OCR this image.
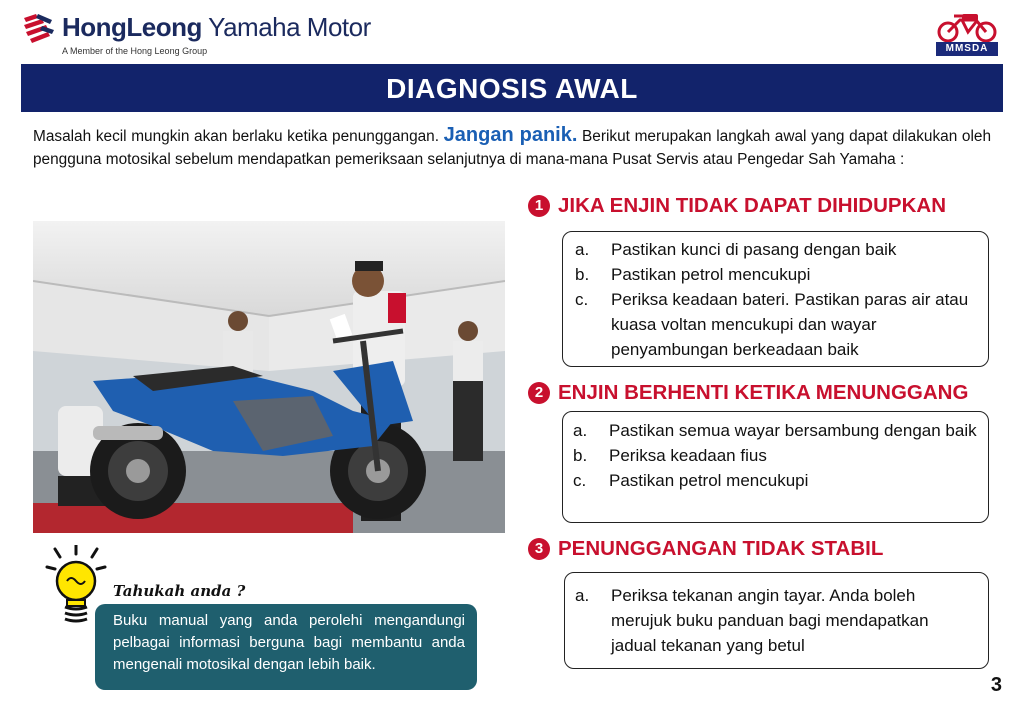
HongLeong Yamaha Motor
A Member of the Hong Leong Group	MMSDA
DIAGNOSIS AWAL
Masalah kecil mungkin akan berlaku ketika penunggangan. Jangan panik. Berikut merupakan langkah awal yang dapat dilakukan oleh pengguna motosikal sebelum mendapatkan pemeriksaan selanjutnya di mana-mana Pusat Servis atau Pengedar Sah Yamaha :
1 JIKA ENJIN TIDAK DAPAT DIHIDUPKAN
a.	Pastikan kunci di pasang dengan baik
b.	Pastikan petrol mencukupi
c.	Periksa keadaan bateri. Pastikan paras air atau kuasa voltan mencukupi dan wayar penyambungan berkeadaan baik
2 ENJIN BERHENTI KETIKA MENUNGGANG
a.	Pastikan semua wayar bersambung dengan baik
b.	Periksa keadaan fius
c.	Pastikan petrol mencukupi
3 PENUNGGANGAN TIDAK STABIL
a.	Periksa tekanan angin tayar. Anda boleh merujuk buku panduan bagi mendapatkan jadual tekanan yang betul
Tahukah anda ?
Buku manual yang anda perolehi mengandungi pelbagai informasi berguna bagi membantu anda mengenali motosikal dengan lebih baik.
3
